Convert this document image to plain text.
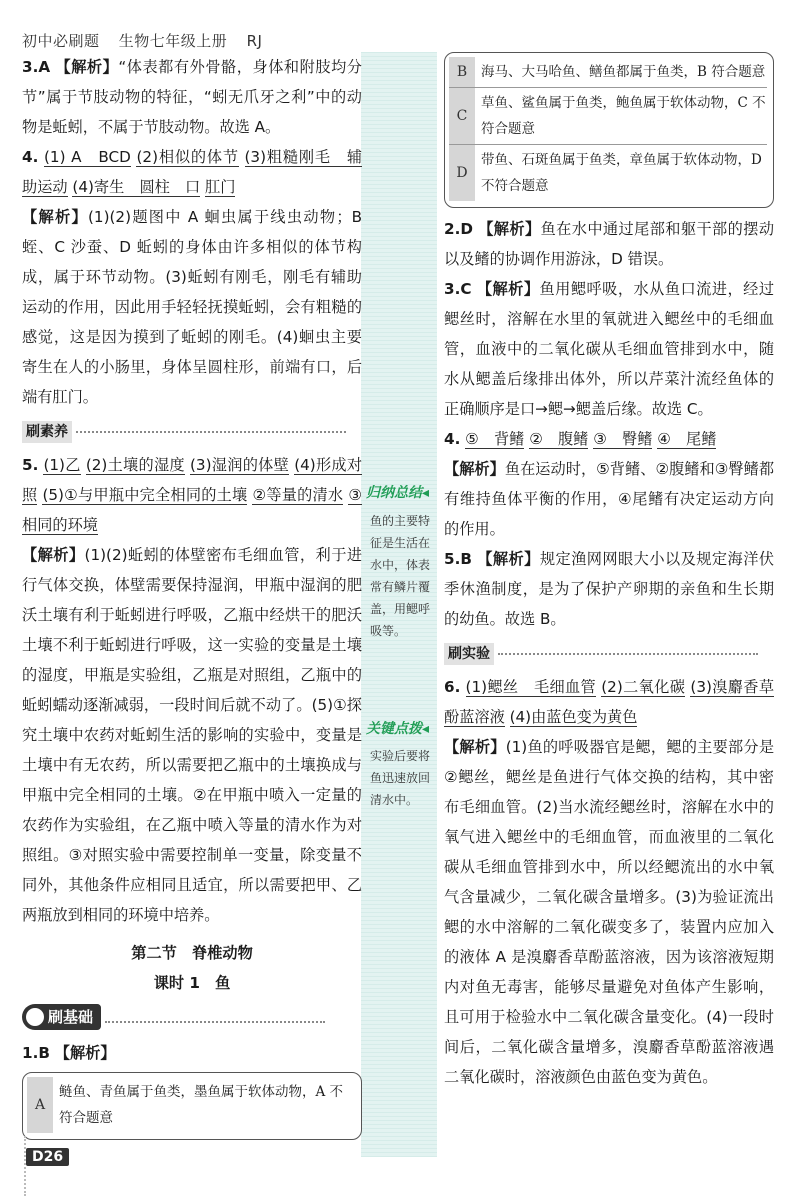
初中必刷题 生物七年级上册 RJ
归纳总结◂
鱼的主要特征是生活在水中，体表常有鳞片覆盖，用鳃呼吸等。
关键点拨◂
实验后要将鱼迅速放回清水中。

3.A 【解析】“体表都有外骨骼，身体和附肢均分节”属于节肢动物的特征，“蚓无爪牙之利”中的动物是蚯蚓，不属于节肢动物。故选 A。

4. (1) A　BCD (2)相似的体节 (3)粗糙刚毛　辅助运动 (4)寄生　圆柱　口 肛门

【解析】(1)(2)题图中 A 蛔虫属于线虫动物；B 蛭、C 沙蚕、D 蚯蚓的身体由许多相似的体节构成，属于环节动物。(3)蚯蚓有刚毛，刚毛有辅助运动的作用，因此用手轻轻抚摸蚯蚓，会有粗糙的感觉，这是因为摸到了蚯蚓的刚毛。(4)蛔虫主要寄生在人的小肠里，身体呈圆柱形，前端有口，后端有肛门。

刷素养

5. (1)乙 (2)土壤的湿度 (3)湿润的体壁 (4)形成对照 (5)①与甲瓶中完全相同的土壤 ②等量的清水 ③相同的环境

【解析】(1)(2)蚯蚓的体壁密布毛细血管，利于进行气体交换，体壁需要保持湿润，甲瓶中湿润的肥沃土壤有利于蚯蚓进行呼吸，乙瓶中经烘干的肥沃土壤不利于蚯蚓进行呼吸，这一实验的变量是土壤的湿度，甲瓶是实验组，乙瓶是对照组，乙瓶中的蚯蚓蠕动逐渐减弱，一段时间后就不动了。(5)①探究土壤中农药对蚯蚓生活的影响的实验中，变量是土壤中有无农药，所以需要把乙瓶中的土壤换成与甲瓶中完全相同的土壤。②在甲瓶中喷入一定量的农药作为实验组，在乙瓶中喷入等量的清水作为对照组。③对照实验中需要控制单一变量，除变量不同外，其他条件应相同且适宜，所以需要把甲、乙两瓶放到相同的环境中培养。

第二节　脊椎动物
课时 1　鱼
刷基础

1.B 【解析】

A
鲢鱼、青鱼属于鱼类，墨鱼属于软体动物，A 不符合题意
B	海马、大马哈鱼、鳝鱼都属于鱼类，B 符合题意
C
草鱼、鲨鱼属于鱼类，鲍鱼属于软体动物，C 不符合题意
D
带鱼、石斑鱼属于鱼类，章鱼属于软体动物，D 不符合题意

2.D 【解析】鱼在水中通过尾部和躯干部的摆动以及鳍的协调作用游泳，D 错误。

3.C 【解析】鱼用鳃呼吸，水从鱼口流进，经过鳃丝时，溶解在水里的氧就进入鳃丝中的毛细血管，血液中的二氧化碳从毛细血管排到水中，随水从鳃盖后缘排出体外，所以芹菜汁流经鱼体的正确顺序是口→鳃→鳃盖后缘。故选 C。

4. ⑤　背鳍 ②　腹鳍 ③　臀鳍 ④　尾鳍

【解析】鱼在运动时，⑤背鳍、②腹鳍和③臀鳍都有维持鱼体平衡的作用，④尾鳍有决定运动方向的作用。

5.B 【解析】规定渔网网眼大小以及规定海洋伏季休渔制度，是为了保护产卵期的亲鱼和生长期的幼鱼。故选 B。

刷实验

6. (1)鳃丝　毛细血管 (2)二氧化碳 (3)溴麝香草酚蓝溶液 (4)由蓝色变为黄色

【解析】(1)鱼的呼吸器官是鳃，鳃的主要部分是②鳃丝，鳃丝是鱼进行气体交换的结构，其中密布毛细血管。(2)当水流经鳃丝时，溶解在水中的氧气进入鳃丝中的毛细血管，而血液里的二氧化碳从毛细血管排到水中，所以经鳃流出的水中氧气含量减少，二氧化碳含量增多。(3)为验证流出鳃的水中溶解的二氧化碳变多了，装置内应加入的液体 A 是溴麝香草酚蓝溶液，因为该溶液短期内对鱼无毒害，能够尽量避免对鱼体产生影响，且可用于检验水中二氧化碳含量变化。(4)一段时间后，二氧化碳含量增多，溴麝香草酚蓝溶液遇二氧化碳时，溶液颜色由蓝色变为黄色。

D26
